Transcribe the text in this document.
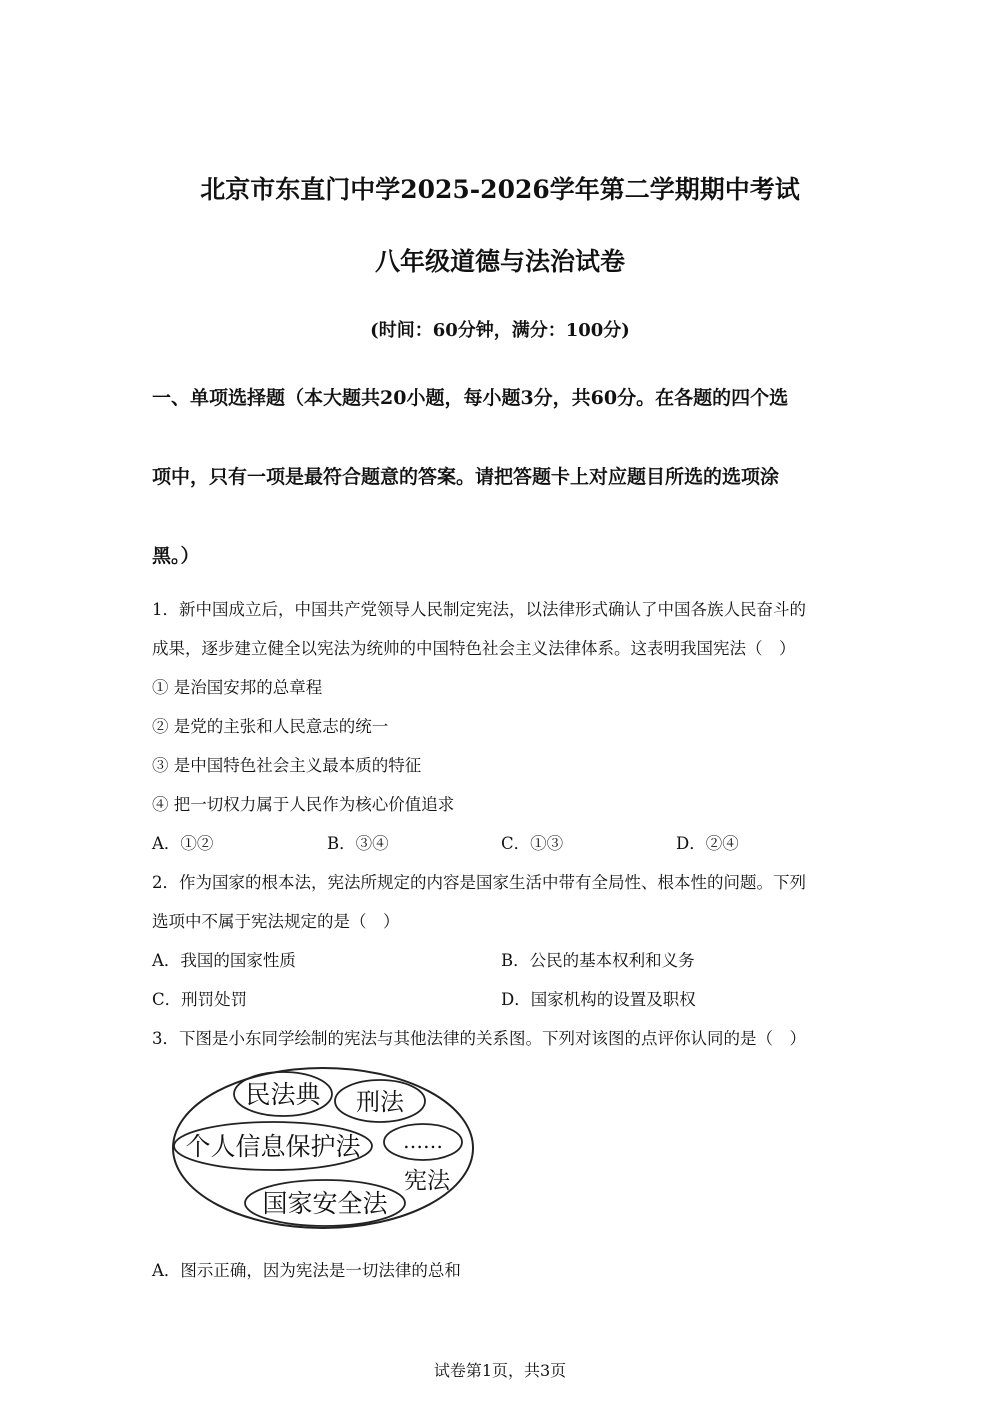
北京市东直门中学2025-2026学年第二学期期中考试
八年级道德与法治试卷
(时间：60分钟，满分：100分)
一、单项选择题（本大题共20小题，每小题3分，共60分。在各题的四个选
项中，只有一项是最符合题意的答案。请把答题卡上对应题目所选的选项涂
黑。）
1．新中国成立后，中国共产党领导人民制定宪法，以法律形式确认了中国各族人民奋斗的
成果，逐步建立健全以宪法为统帅的中国特色社会主义法律体系。这表明我国宪法（　）
① 是治国安邦的总章程
② 是党的主张和人民意志的统一
③ 是中国特色社会主义最本质的特征
④ 把一切权力属于人民作为核心价值追求
A．①②	B．③④	C．①③	D．②④
2．作为国家的根本法，宪法所规定的内容是国家生活中带有全局性、根本性的问题。下列
选项中不属于宪法规定的是（　）
A．我国的国家性质	B．公民的基本权利和义务
C．刑罚处罚	D．国家机构的设置及职权
3．下图是小东同学绘制的宪法与其他法律的关系图。下列对该图的点评你认同的是（　）
民法典 刑法
个人信息保护法 ……
国家安全法
宪法
A．图示正确，因为宪法是一切法律的总和
试卷第1页，共3页
